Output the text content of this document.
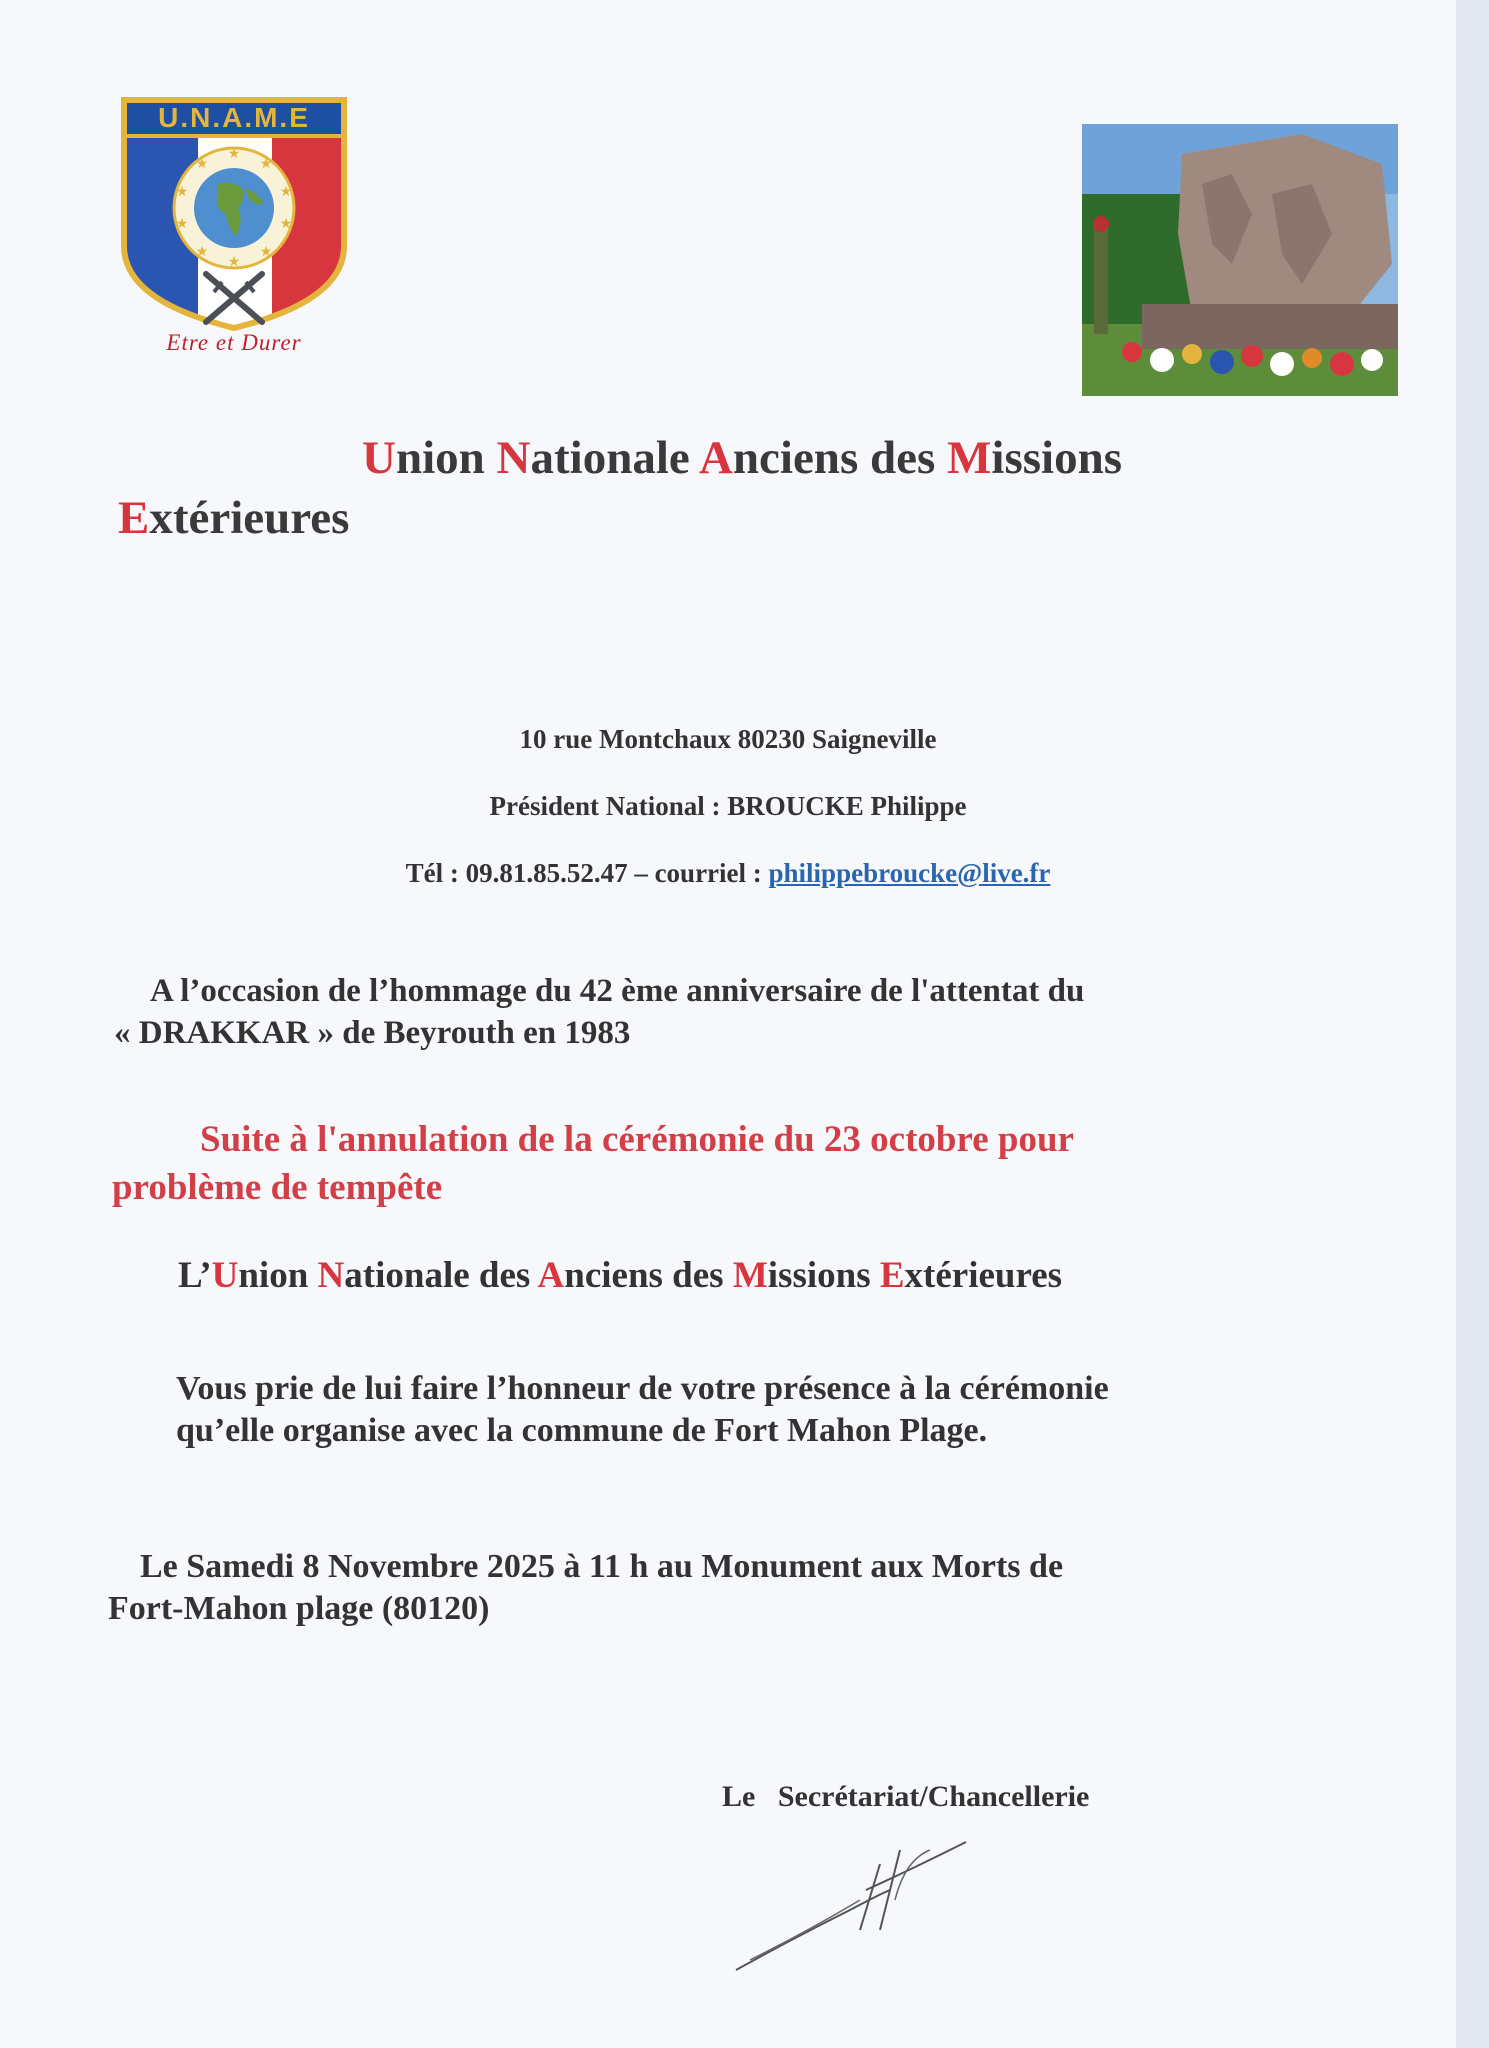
★
★
★
★
★
★
★
★
★
★
U.N.A.M.E
Etre et Durer
Union Nationale Anciens des Missions
Extérieures
10 rue Montchaux 80230 Saigneville
Président National : BROUCKE Philippe
Tél : 09.81.85.52.47 – courriel : philippebroucke@live.fr
A l’occasion de l’hommage du 42 ème anniversaire de l'attentat du
« DRAKKAR » de Beyrouth en 1983
Suite à l'annulation de la cérémonie du 23 octobre pour
problème de tempête
L’Union Nationale des Anciens des Missions Extérieures
Vous prie de lui faire l’honneur de votre présence à la cérémonie
qu’elle organise avec la commune de Fort Mahon Plage.
Le Samedi 8 Novembre 2025 à 11 h au Monument aux Morts de
Fort-Mahon plage (80120)
Le   Secrétariat/Chancellerie
